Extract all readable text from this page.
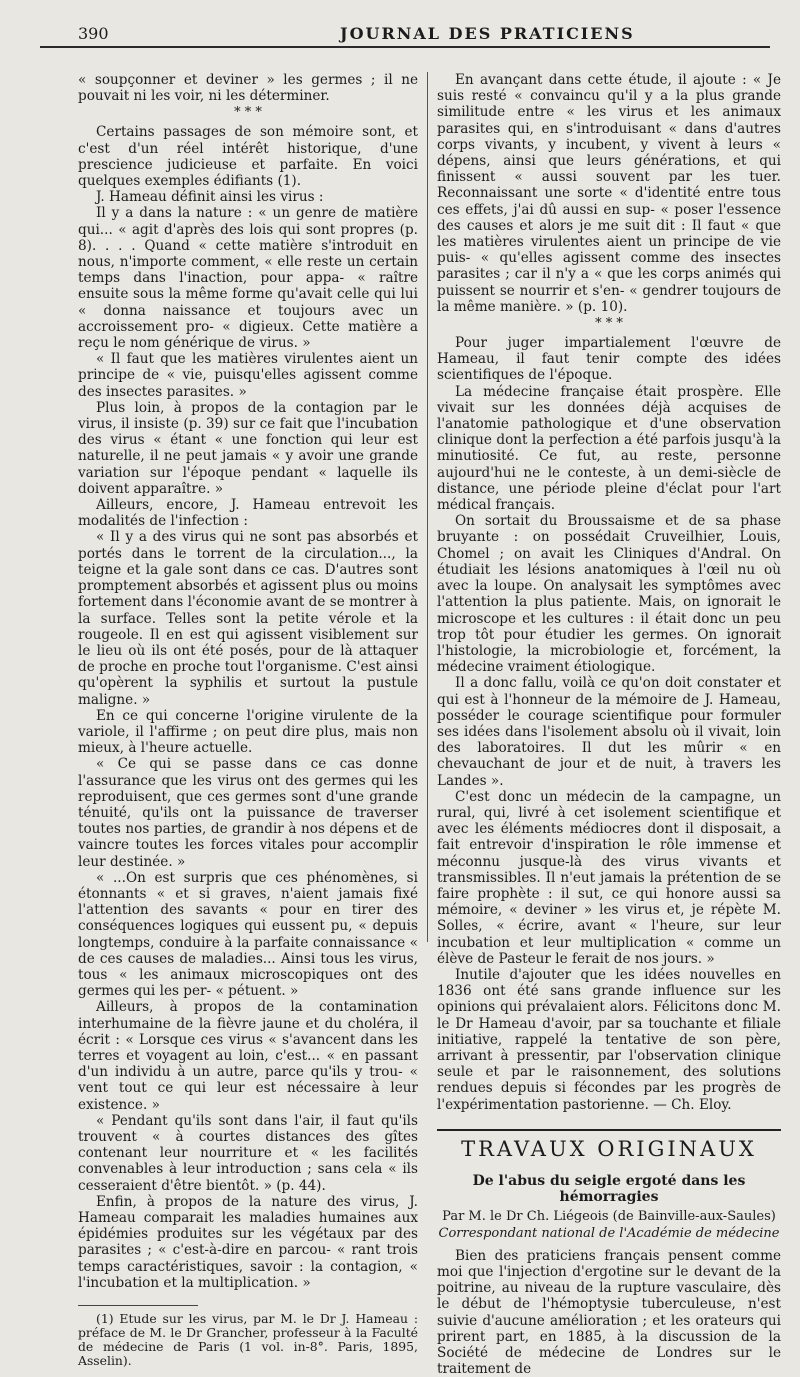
390	JOURNAL DES PRATICIENS

« soupçonner et deviner » les germes ; il ne pouvait ni les voir, ni les déterminer.

* * *

Certains passages de son mémoire sont, et c'est d'un réel intérêt historique, d'une prescience judicieuse et parfaite. En voici quelques exemples édifiants (1).

J. Hameau définit ainsi les virus :

Il y a dans la nature : « un genre de matière qui... « agit d'après des lois qui sont propres (p. 8). . . . Quand « cette matière s'introduit en nous, n'importe comment, « elle reste un certain temps dans l'inaction, pour appa- « raître ensuite sous la même forme qu'avait celle qui lui « donna naissance et toujours avec un accroissement pro- « digieux. Cette matière a reçu le nom générique de virus. »

« Il faut que les matières virulentes aient un principe de « vie, puisqu'elles agissent comme des insectes parasites. »

Plus loin, à propos de la contagion par le virus, il insiste (p. 39) sur ce fait que l'incubation des virus « étant « une fonction qui leur est naturelle, il ne peut jamais « y avoir une grande variation sur l'époque pendant « laquelle ils doivent apparaître. »

Ailleurs, encore, J. Hameau entrevoit les modalités de l'infection :

« Il y a des virus qui ne sont pas absorbés et portés dans le torrent de la circulation..., la teigne et la gale sont dans ce cas. D'autres sont promptement absorbés et agissent plus ou moins fortement dans l'économie avant de se montrer à la surface. Telles sont la petite vérole et la rougeole. Il en est qui agissent visiblement sur le lieu où ils ont été posés, pour de là attaquer de proche en proche tout l'organisme. C'est ainsi qu'opèrent la syphilis et surtout la pustule maligne. »

En ce qui concerne l'origine virulente de la variole, il l'affirme ; on peut dire plus, mais non mieux, à l'heure actuelle.

« Ce qui se passe dans ce cas donne l'assurance que les virus ont des germes qui les reproduisent, que ces germes sont d'une grande ténuité, qu'ils ont la puissance de traverser toutes nos parties, de grandir à nos dépens et de vaincre toutes les forces vitales pour accomplir leur destinée. »

« ...On est surpris que ces phénomènes, si étonnants « et si graves, n'aient jamais fixé l'attention des savants « pour en tirer des conséquences logiques qui eussent pu, « depuis longtemps, conduire à la parfaite connaissance « de ces causes de maladies... Ainsi tous les virus, tous « les animaux microscopiques ont des germes qui les per- « pétuent. »

Ailleurs, à propos de la contamination interhumaine de la fièvre jaune et du choléra, il écrit : « Lorsque ces virus « s'avancent dans les terres et voyagent au loin, c'est... « en passant d'un individu à un autre, parce qu'ils y trou- « vent tout ce qui leur est nécessaire à leur existence. »

« Pendant qu'ils sont dans l'air, il faut qu'ils trouvent « à courtes distances des gîtes contenant leur nourriture et « les facilités convenables à leur introduction ; sans cela « ils cesseraient d'être bientôt. » (p. 44).

Enfin, à propos de la nature des virus, J. Hameau comparait les maladies humaines aux épidémies produites sur les végétaux par des parasites ; « c'est-à-dire en parcou- « rant trois temps caractéristiques, savoir : la contagion, « l'incubation et la multiplication. »

(1) Etude sur les virus, par M. le Dr J. Hameau : préface de M. le Dr Grancher, professeur à la Faculté de médecine de Paris (1 vol. in-8°. Paris, 1895, Asselin).

En avançant dans cette étude, il ajoute : « Je suis resté « convaincu qu'il y a la plus grande similitude entre « les virus et les animaux parasites qui, en s'introduisant « dans d'autres corps vivants, y incubent, y vivent à leurs « dépens, ainsi que leurs générations, et qui finissent « aussi souvent par les tuer. Reconnaissant une sorte « d'identité entre tous ces effets, j'ai dû aussi en sup- « poser l'essence des causes et alors je me suit dit : Il faut « que les matières virulentes aient un principe de vie puis- « qu'elles agissent comme des insectes parasites ; car il n'y a « que les corps animés qui puissent se nourrir et s'en- « gendrer toujours de la même manière. » (p. 10).

* * *

Pour juger impartialement l'œuvre de Hameau, il faut tenir compte des idées scientifiques de l'époque.

La médecine française était prospère. Elle vivait sur les données déjà acquises de l'anatomie pathologique et d'une observation clinique dont la perfection a été parfois jusqu'à la minutiosité. Ce fut, au reste, personne aujourd'hui ne le conteste, à un demi-siècle de distance, une période pleine d'éclat pour l'art médical français.

On sortait du Broussaisme et de sa phase bruyante : on possédait Cruveilhier, Louis, Chomel ; on avait les Cliniques d'Andral. On étudiait les lésions anatomiques à l'œil nu où avec la loupe. On analysait les symptômes avec l'attention la plus patiente. Mais, on ignorait le microscope et les cultures : il était donc un peu trop tôt pour étudier les germes. On ignorait l'histologie, la microbiologie et, forcément, la médecine vraiment étiologique.

Il a donc fallu, voilà ce qu'on doit constater et qui est à l'honneur de la mémoire de J. Hameau, posséder le courage scientifique pour formuler ses idées dans l'isolement absolu où il vivait, loin des laboratoires. Il dut les mûrir « en chevauchant de jour et de nuit, à travers les Landes ».

C'est donc un médecin de la campagne, un rural, qui, livré à cet isolement scientifique et avec les éléments médiocres dont il disposait, a fait entrevoir d'inspiration le rôle immense et méconnu jusque-là des virus vivants et transmissibles. Il n'eut jamais la prétention de se faire prophète : il sut, ce qui honore aussi sa mémoire, « deviner » les virus et, je répète M. Solles, « écrire, avant « l'heure, sur leur incubation et leur multiplication « comme un élève de Pasteur le ferait de nos jours. »

Inutile d'ajouter que les idées nouvelles en 1836 ont été sans grande influence sur les opinions qui prévalaient alors. Félicitons donc M. le Dr Hameau d'avoir, par sa touchante et filiale initiative, rappelé la tentative de son père, arrivant à pressentir, par l'observation clinique seule et par le raisonnement, des solutions rendues depuis si fécondes par les progrès de l'expérimentation pastorienne. — Ch. Eloy.

TRAVAUX ORIGINAUX
De l'abus du seigle ergoté dans les hémorragies
Par M. le Dr Ch. Liégeois (de Bainville-aux-Saules)
Correspondant national de l'Académie de médecine

Bien des praticiens français pensent comme moi que l'injection d'ergotine sur le devant de la poitrine, au niveau de la rupture vasculaire, dès le début de l'hémoptysie tuberculeuse, n'est suivie d'aucune amélioration ; et les orateurs qui prirent part, en 1885, à la discussion de la Société de médecine de Londres sur le traitement de
